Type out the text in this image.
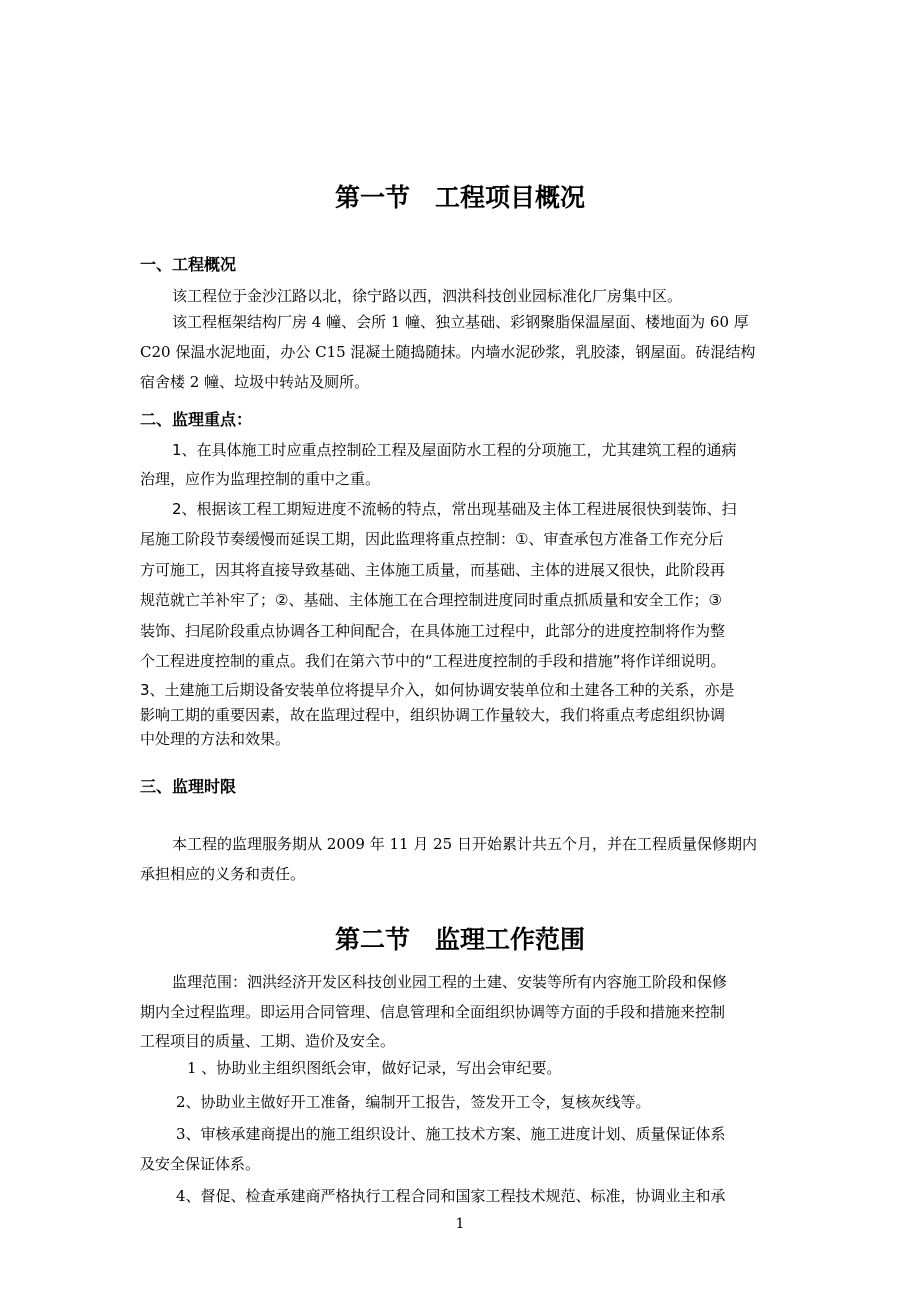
第一节　工程项目概况
一、工程概况
该工程位于金沙江路以北，徐宁路以西，泗洪科技创业园标准化厂房集中区。
该工程框架结构厂房 4 幢、会所 1 幢、独立基础、彩钢聚脂保温屋面、楼地面为 60 厚
C20 保温水泥地面，办公 C15 混凝土随捣随抹。内墙水泥砂浆，乳胶漆，钢屋面。砖混结构
宿舍楼 2 幢、垃圾中转站及厕所。
二、监理重点：
1、在具体施工时应重点控制砼工程及屋面防水工程的分项施工，尤其建筑工程的通病
治理，应作为监理控制的重中之重。
2、根据该工程工期短进度不流畅的特点，常出现基础及主体工程进展很快到装饰、扫
尾施工阶段节奏缓慢而延误工期，因此监理将重点控制：①、审查承包方准备工作充分后
方可施工，因其将直接导致基础、主体施工质量，而基础、主体的进展又很快，此阶段再
规范就亡羊补牢了；②、基础、主体施工在合理控制进度同时重点抓质量和安全工作；③
装饰、扫尾阶段重点协调各工种间配合，在具体施工过程中，此部分的进度控制将作为整
个工程进度控制的重点。我们在第六节中的“工程进度控制的手段和措施”将作详细说明。
3、土建施工后期设备安装单位将提早介入，如何协调安装单位和土建各工种的关系，亦是
影响工期的重要因素，故在监理过程中，组织协调工作量较大，我们将重点考虑组织协调
中处理的方法和效果。
三、监理时限
本工程的监理服务期从 2009 年 11 月 25 日开始累计共五个月，并在工程质量保修期内
承担相应的义务和责任。
第二节　监理工作范围
监理范围：泗洪经济开发区科技创业园工程的土建、安装等所有内容施工阶段和保修
期内全过程监理。即运用合同管理、信息管理和全面组织协调等方面的手段和措施来控制
工程项目的质量、工期、造价及安全。
1 、协助业主组织图纸会审，做好记录，写出会审纪要。
2、协助业主做好开工准备，编制开工报告，签发开工令，复核灰线等。
3、审核承建商提出的施工组织设计、施工技术方案、施工进度计划、质量保证体系
及安全保证体系。
4、督促、检查承建商严格执行工程合同和国家工程技术规范、标准，协调业主和承
1
